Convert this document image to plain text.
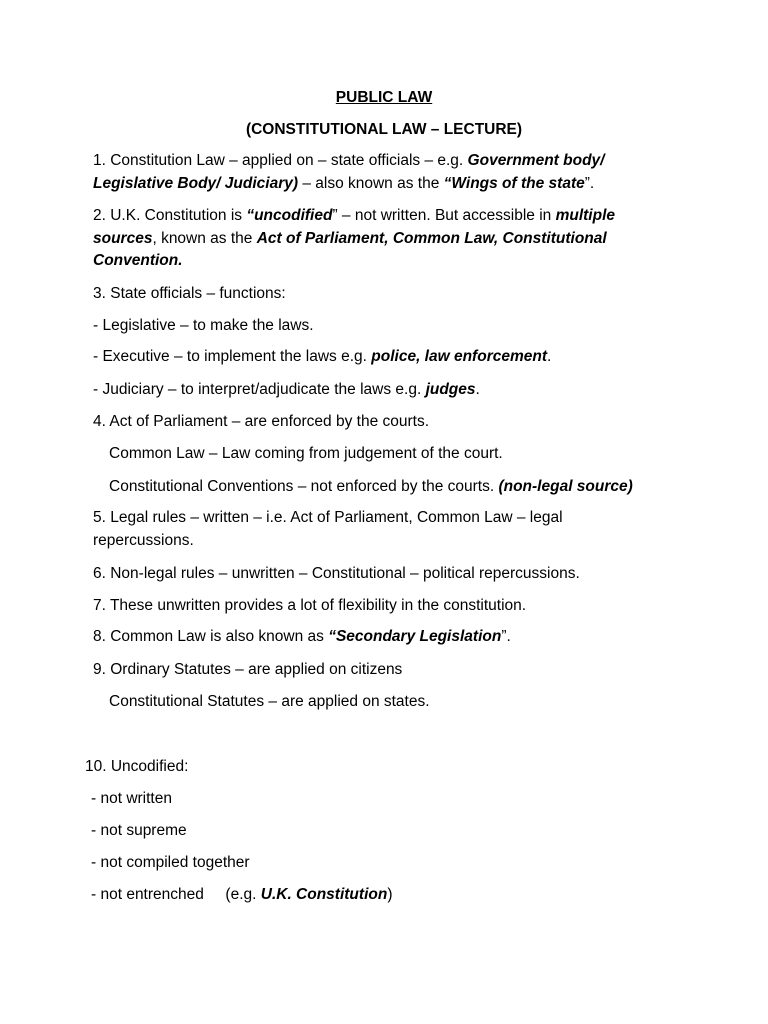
PUBLIC LAW
(CONSTITUTIONAL LAW – LECTURE)
1. Constitution Law – applied on – state officials – e.g. Government body/ Legislative Body/ Judiciary) – also known as the “Wings of the state”.
2. U.K. Constitution is “uncodified” – not written. But accessible in multiple sources, known as the Act of Parliament, Common Law, Constitutional Convention.
3. State officials – functions:
- Legislative – to make the laws.
- Executive – to implement the laws e.g. police, law enforcement.
- Judiciary – to interpret/adjudicate the laws e.g. judges.
4. Act of Parliament – are enforced by the courts.
Common Law – Law coming from judgement of the court.
Constitutional Conventions – not enforced by the courts. (non-legal source)
5. Legal rules – written – i.e. Act of Parliament, Common Law – legal repercussions.
6. Non-legal rules – unwritten – Constitutional – political repercussions.
7. These unwritten provides a lot of flexibility in the constitution.
8. Common Law is also known as “Secondary Legislation”.
9. Ordinary Statutes – are applied on citizens
Constitutional Statutes – are applied on states.
10. Uncodified:
- not written
- not supreme
- not compiled together
- not entrenched     (e.g. U.K. Constitution)
